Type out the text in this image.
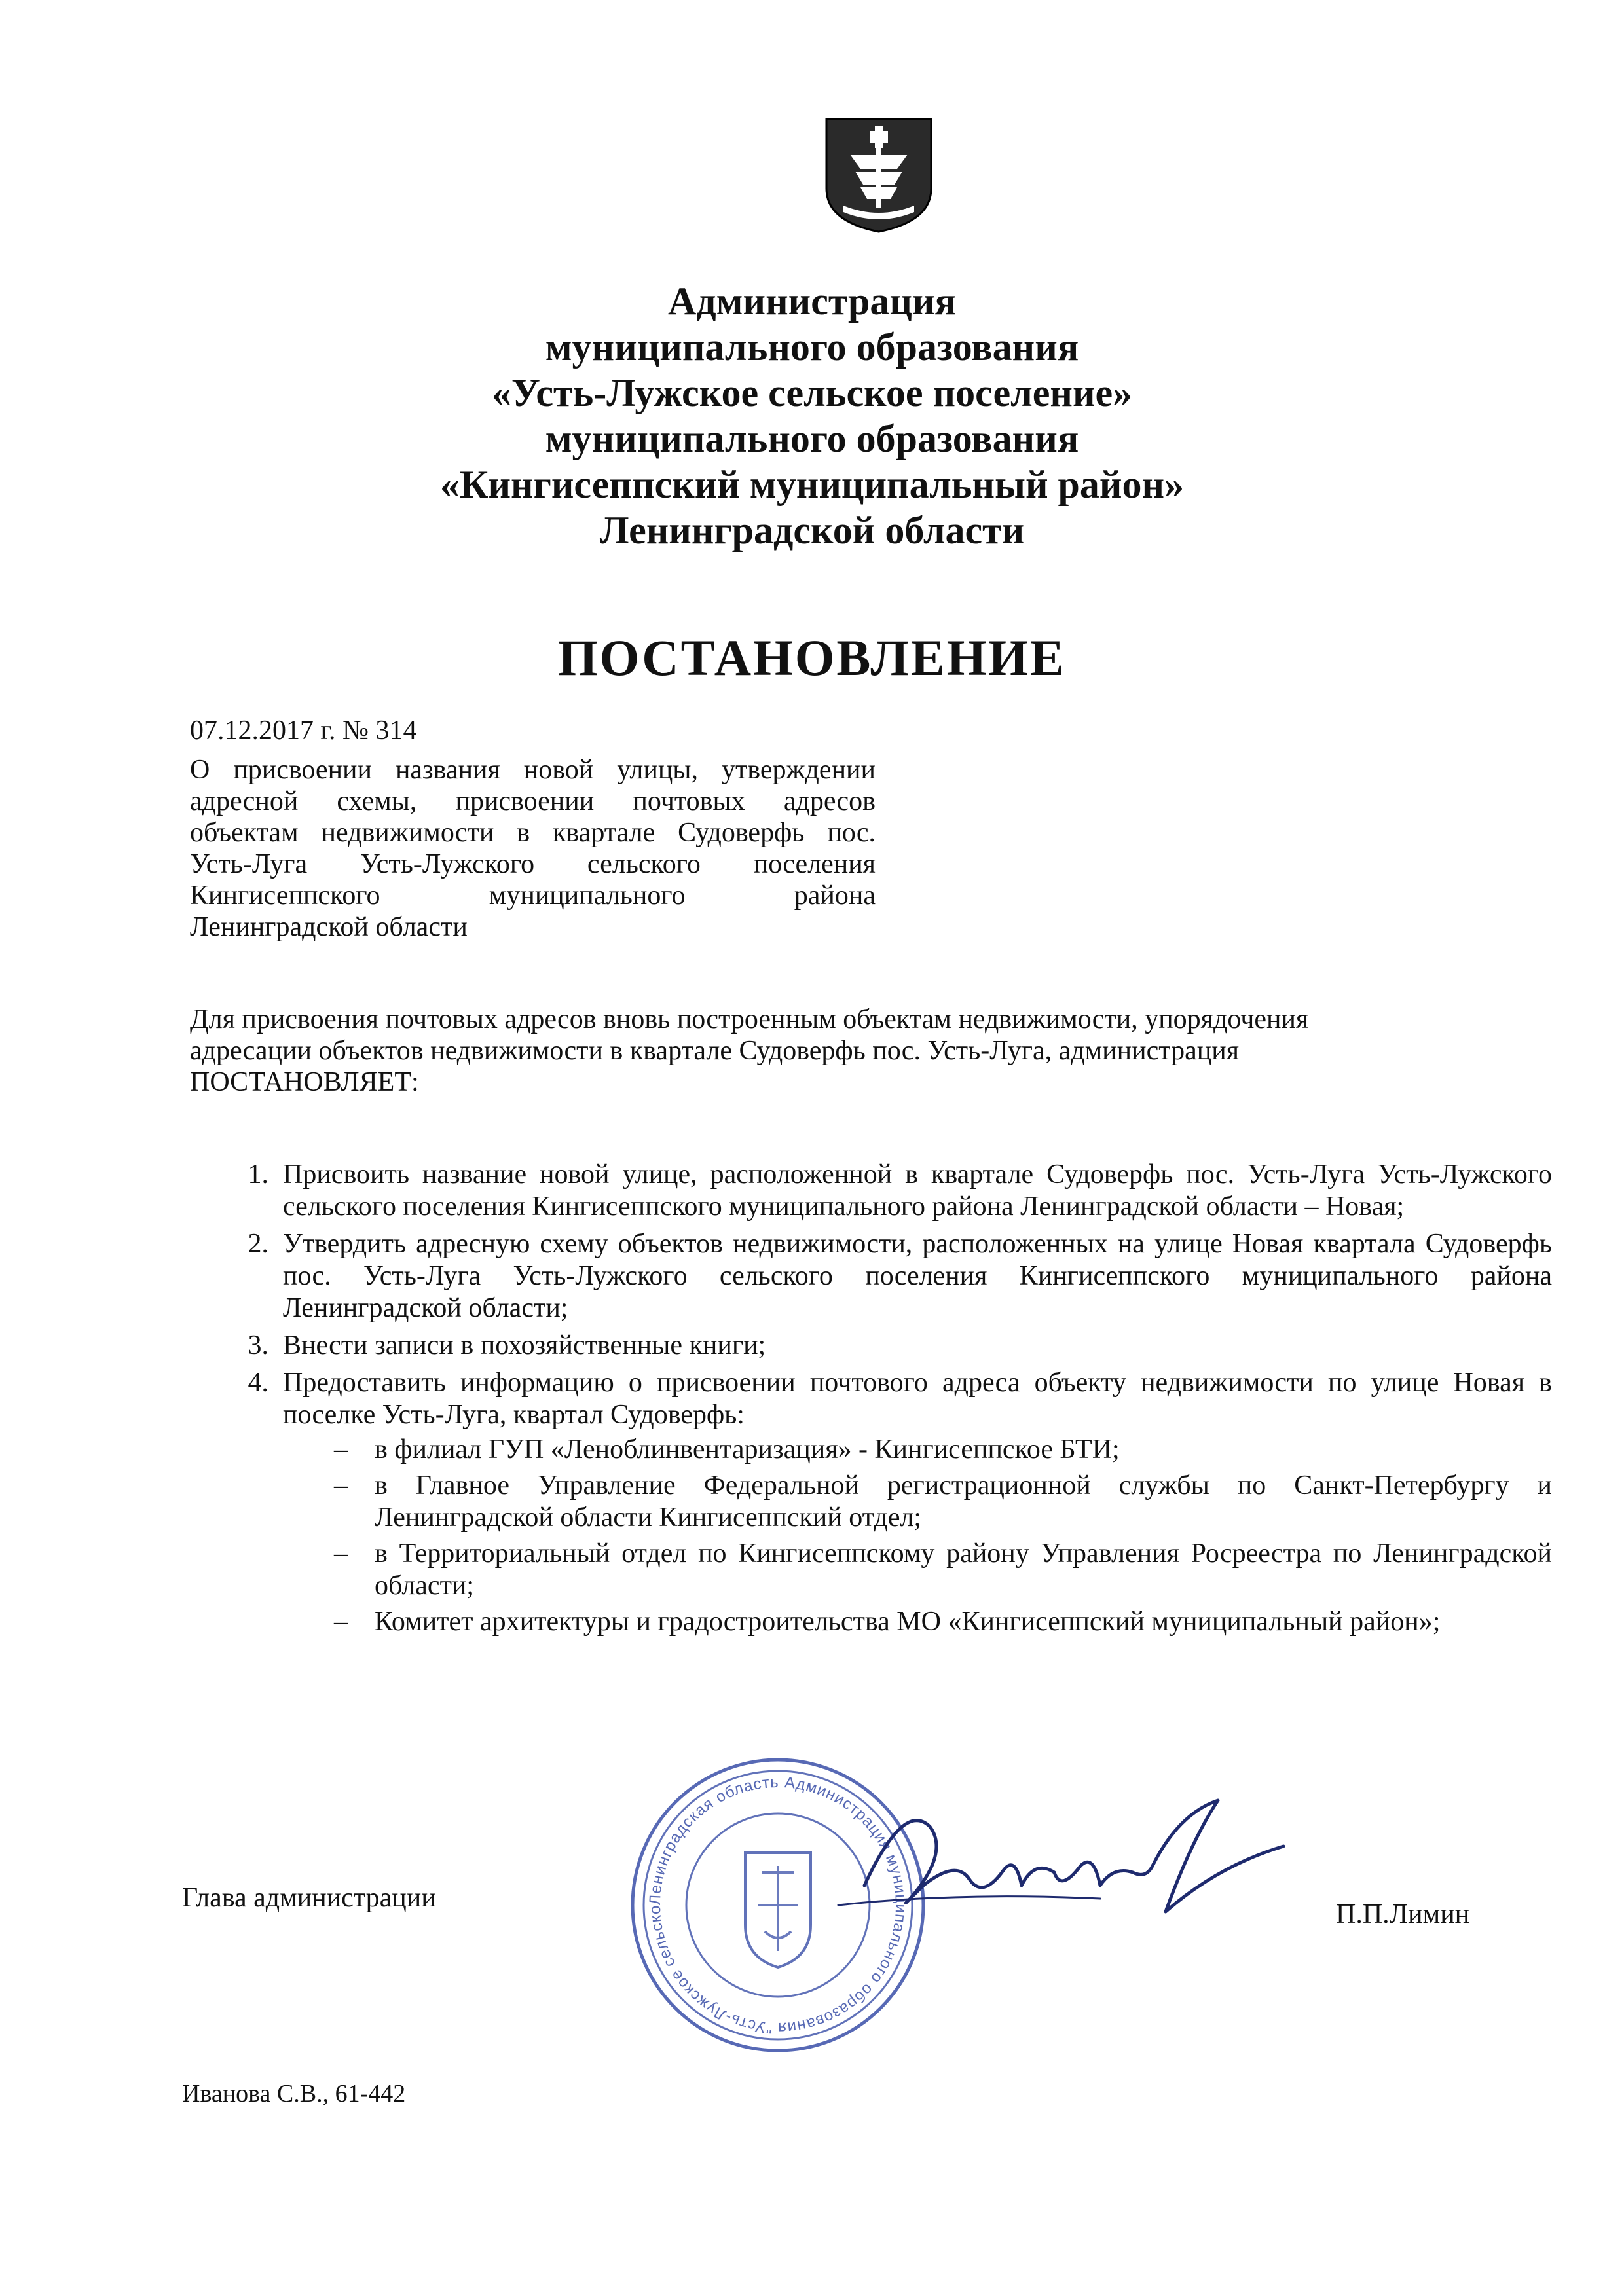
Администрация
муниципального образования
«Усть-Лужское сельское поселение»
муниципального образования
«Кингисеппский муниципальный район»
Ленинградской области
ПОСТАНОВЛЕНИЕ
07.12.2017 г. № 314
О присвоении названия новой улицы, утверждении
адресной схемы, присвоении почтовых адресов
объектам недвижимости в квартале Судоверфь пос.
Усть-Луга Усть-Лужского сельского поселения
Кингисеппского муниципального района
Ленинградской области
Для присвоения почтовых адресов вновь построенным объектам недвижимости, упорядочения
адресации объектов недвижимости в квартале Судоверфь пос. Усть-Луга, администрация
ПОСТАНОВЛЯЕТ:
1. Присвоить название новой улице, расположенной в квартале Судоверфь пос. Усть-Луга Усть-Лужского сельского поселения Кингисеппского муниципального района Ленинградской области – Новая;
2. Утвердить адресную схему объектов недвижимости, расположенных на улице Новая квартала Судоверфь пос. Усть-Луга Усть-Лужского сельского поселения Кингисеппского муниципального района Ленинградской области;
3. Внести записи в похозяйственные книги;
4. Предоставить информацию о присвоении почтового адреса объекту недвижимости по улице Новая в поселке Усть-Луга, квартал Судоверфь:
– в филиал ГУП «Леноблинвентаризация» - Кингисеппское БТИ;
– в Главное Управление Федеральной регистрационной службы по Санкт-Петербургу и Ленинградской области Кингисеппский отдел;
– в Территориальный отдел по Кингисеппскому району Управления Росреестра по Ленинградской области;
– Комитет архитектуры и градостроительства МО «Кингисеппский муниципальный район»;
Глава администрации
П.П.Лимин
Ленинградская область Администрация муниципального образования "Усть-Лужское сельско
Иванова С.В., 61-442
